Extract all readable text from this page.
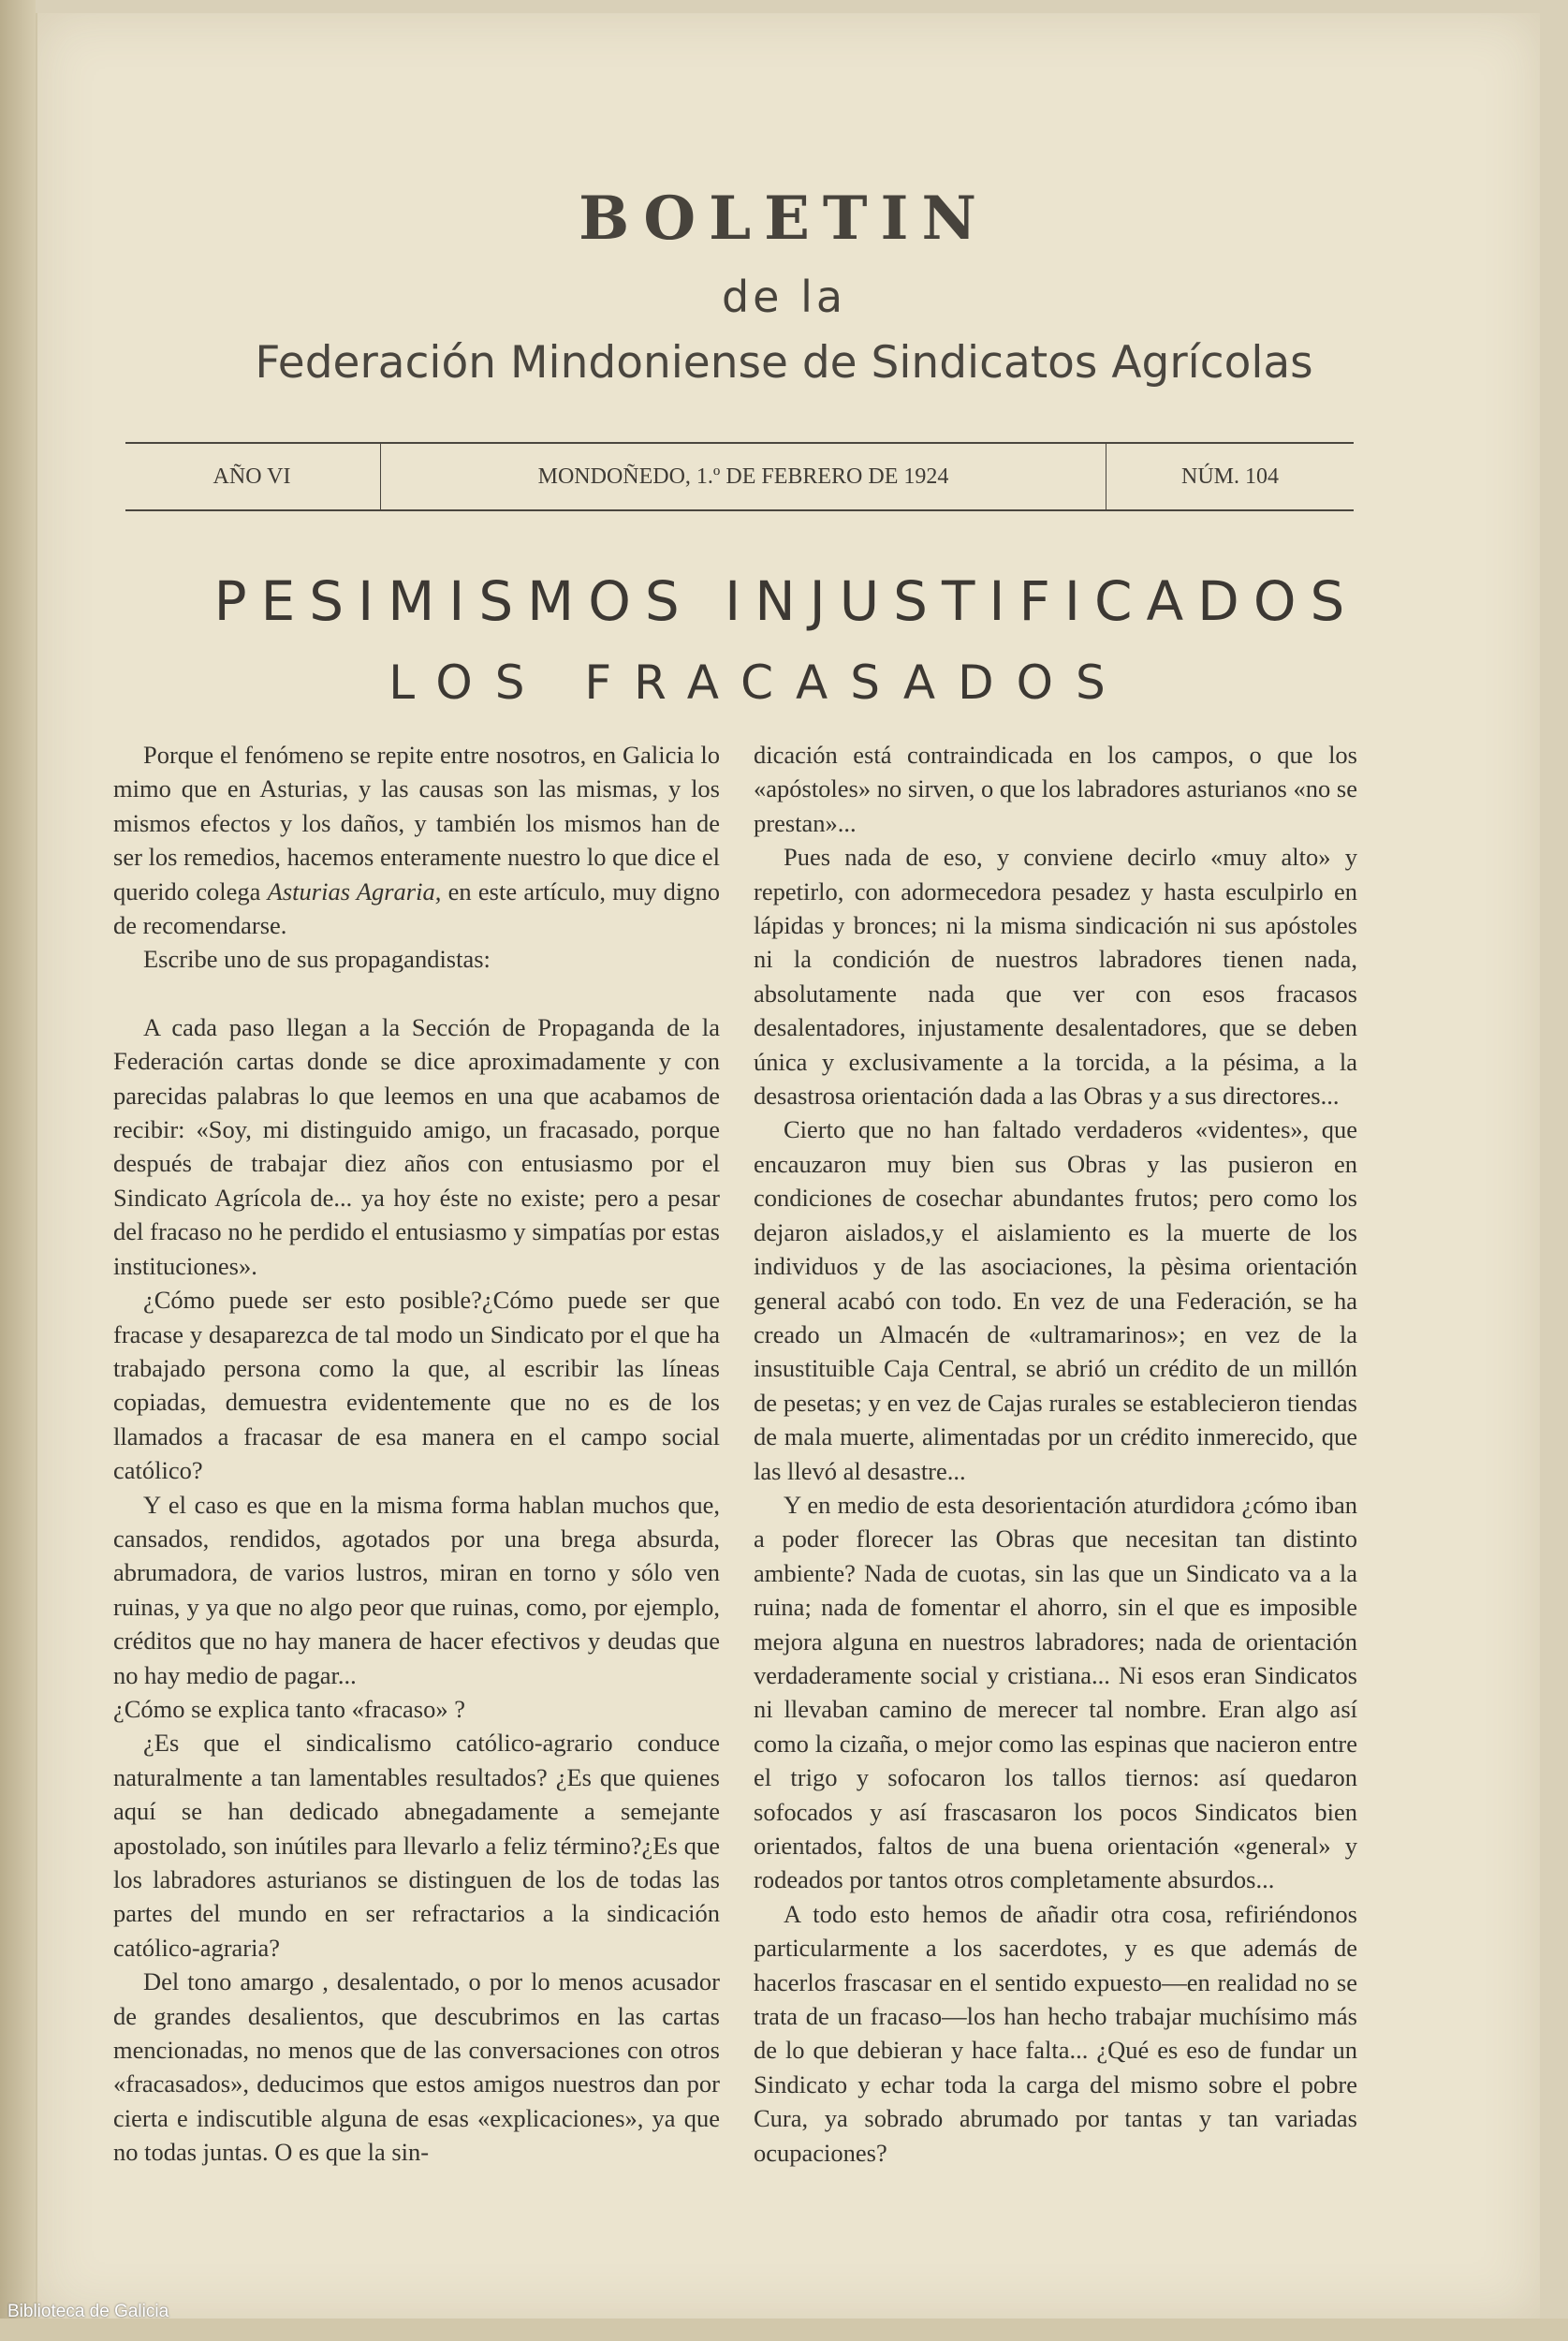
BOLETIN
de la
Federación Mindoniense de Sindicatos Agrícolas
AÑO VI	MONDOÑEDO, 1.º DE FEBRERO DE 1924	NÚM. 104
PESIMISMOS INJUSTIFICADOS
LOS FRACASADOS

Porque el fenómeno se repite entre nosotros, en Galicia lo mimo que en Asturias, y las causas son las mismas, y los mismos efectos y los daños, y también los mismos han de ser los remedios, hacemos enteramente nuestro lo que dice el querido colega Asturias Agraria, en este artículo, muy digno de recomendarse.

Escribe uno de sus propagandistas:

A cada paso llegan a la Sección de Propaganda de la Federación cartas donde se dice aproximadamente y con parecidas palabras lo que leemos en una que acabamos de recibir: «Soy, mi distinguido amigo, un fracasado, porque después de trabajar diez años con entusiasmo por el Sindicato Agrícola de... ya hoy éste no existe; pero a pesar del fracaso no he perdido el entusiasmo y simpatías por estas instituciones».

¿Cómo puede ser esto posible?¿Cómo puede ser que fracase y desaparezca de tal modo un Sindicato por el que ha trabajado persona como la que, al escribir las líneas copiadas, demuestra evidentemente que no es de los llamados a fracasar de esa manera en el campo social católico?

Y el caso es que en la misma forma hablan muchos que, cansados, rendidos, agotados por una brega absurda, abrumadora, de varios lustros, miran en torno y sólo ven ruinas, y ya que no algo peor que ruinas, como, por ejemplo, créditos que no hay manera de hacer efectivos y deudas que no hay medio de pagar...

¿Cómo se explica tanto «fracaso» ?

¿Es que el sindicalismo católico-agrario conduce naturalmente a tan lamentables resultados? ¿Es que quienes aquí se han dedicado abnegadamente a semejante apostolado, son inútiles para llevarlo a feliz término?¿Es que los labradores asturianos se distinguen de los de todas las partes del mundo en ser refractarios a la sindicación católico-agraria?

Del tono amargo , desalentado, o por lo menos acusador de grandes desalientos, que descubrimos en las cartas mencionadas, no menos que de las conversaciones con otros «fracasados», deducimos que estos amigos nuestros dan por cierta e indiscutible alguna de esas «explicaciones», ya que no todas juntas. O es que la sin-

dicación está contraindicada en los campos, o que los «apóstoles» no sirven, o que los labradores asturianos «no se prestan»...

Pues nada de eso, y conviene decirlo «muy alto» y repetirlo, con adormecedora pesadez y hasta esculpirlo en lápidas y bronces; ni la misma sindicación ni sus apóstoles ni la condición de nuestros labradores tienen nada, absolutamente nada que ver con esos fracasos desalentadores, injustamente desalentadores, que se deben única y exclusivamente a la torcida, a la pésima, a la desastrosa orientación dada a las Obras y a sus directores...

Cierto que no han faltado verdaderos «videntes», que encauzaron muy bien sus Obras y las pusieron en condiciones de cosechar abundantes frutos; pero como los dejaron aislados,y el aislamiento es la muerte de los individuos y de las asociaciones, la pèsima orientación general acabó con todo. En vez de una Federación, se ha creado un Almacén de «ultramarinos»; en vez de la insustituible Caja Central, se abrió un crédito de un millón de pesetas; y en vez de Cajas rurales se establecieron tiendas de mala muerte, alimentadas por un crédito inmerecido, que las llevó al desastre...

Y en medio de esta desorientación aturdidora ¿cómo iban a poder florecer las Obras que necesitan tan distinto ambiente? Nada de cuotas, sin las que un Sindicato va a la ruina; nada de fomentar el ahorro, sin el que es imposible mejora alguna en nuestros labradores; nada de orientación verdaderamente social y cristiana... Ni esos eran Sindicatos ni llevaban camino de merecer tal nombre. Eran algo así como la cizaña, o mejor como las espinas que nacieron entre el trigo y sofocaron los tallos tiernos: así quedaron sofocados y así frascasaron los pocos Sindicatos bien orientados, faltos de una buena orientación «general» y rodeados por tantos otros completamente absurdos...

A todo esto hemos de añadir otra cosa, refiriéndonos particularmente a los sacerdotes, y es que además de hacerlos frascasar en el sentido expuesto—en realidad no se trata de un fracaso—los han hecho trabajar muchísimo más de lo que debieran y hace falta... ¿Qué es eso de fundar un Sindicato y echar toda la carga del mismo sobre el pobre Cura, ya sobrado abrumado por tantas y tan variadas ocupaciones?

Biblioteca de Galicia
